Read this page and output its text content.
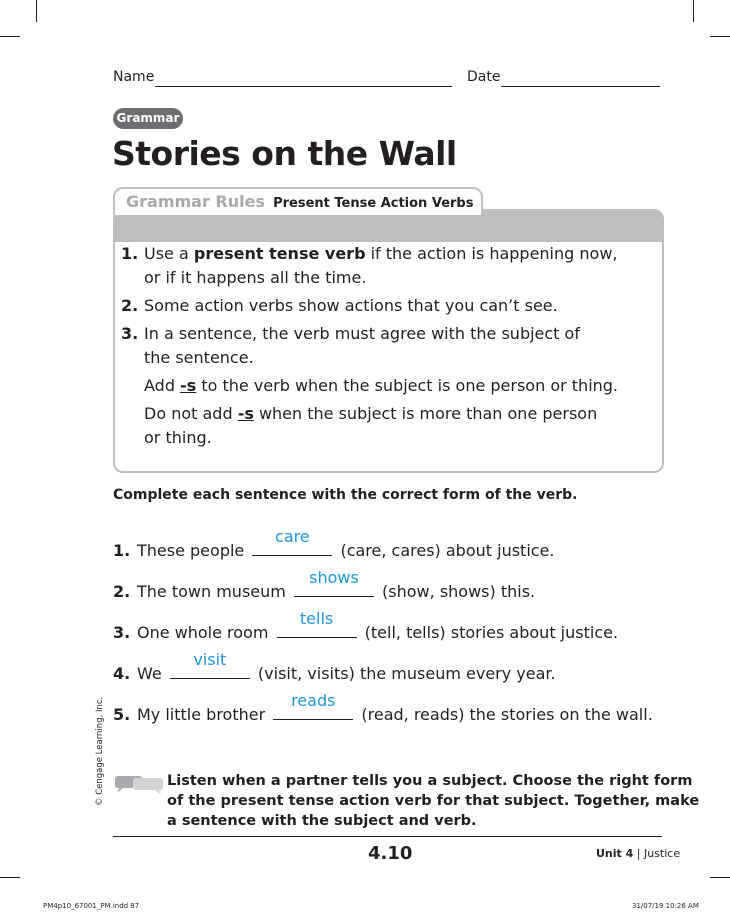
Name	Date
Grammar
Stories on the Wall
Grammar Rules Present Tense Action Verbs
1. Use a present tense verb if the action is happening now,
or if it happens all the time.
2. Some action verbs show actions that you can’t see.
3. In a sentence, the verb must agree with the subject of
the sentence.
Add -s to the verb when the subject is one person or thing.
Do not add -s when the subject is more than one person
or thing.
Complete each sentence with the correct form of the verb.
1. These people
care
(care, cares) about justice.
2. The town museum
shows
(show, shows) this.
3. One whole room
tells
(tell, tells) stories about justice.
4. We
visit
(visit, visits) the museum every year.
5. My little brother
reads
(read, reads) the stories on the wall.
© Cengage Learning, Inc.	Listen when a partner tells you a subject. Choose the right form
of the present tense action verb for that subject. Together, make
a sentence with the subject and verb.
4.10	Unit 4 | Justice
PM4p10_67001_PM.indd 87	31/07/19 10:26 AM
